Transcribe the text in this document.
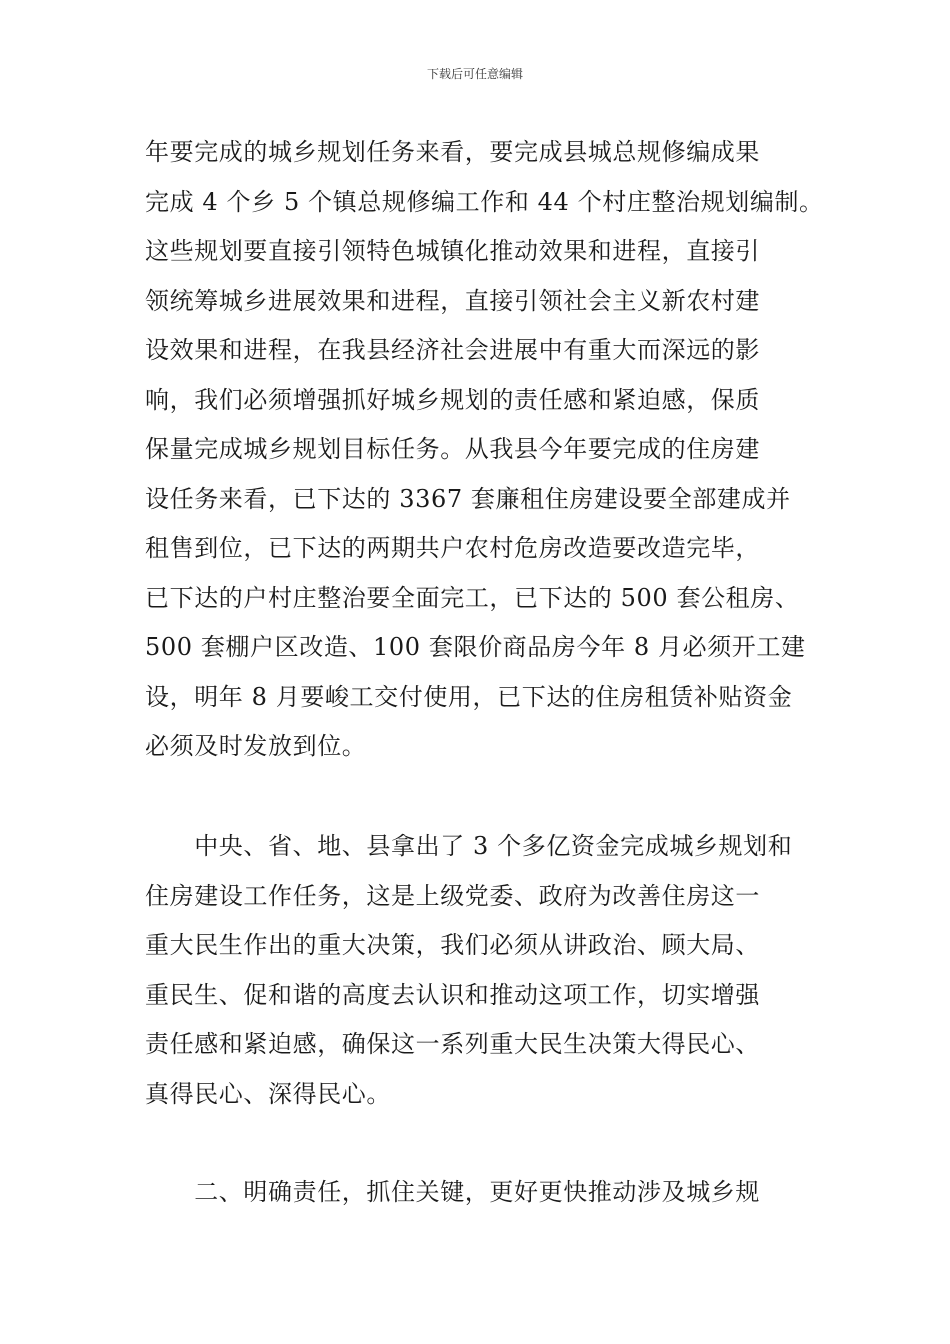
下载后可任意编辑
年要完成的城乡规划任务来看，要完成县城总规修编成果
完成 4 个乡 5 个镇总规修编工作和 44 个村庄整治规划编制。
这些规划要直接引领特色城镇化推动效果和进程，直接引
领统筹城乡进展效果和进程，直接引领社会主义新农村建
设效果和进程，在我县经济社会进展中有重大而深远的影
响，我们必须增强抓好城乡规划的责任感和紧迫感，保质
保量完成城乡规划目标任务。从我县今年要完成的住房建
设任务来看，已下达的 3367 套廉租住房建设要全部建成并
租售到位，已下达的两期共户农村危房改造要改造完毕，
已下达的户村庄整治要全面完工，已下达的 500 套公租房、
500 套棚户区改造、100 套限价商品房今年 8 月必须开工建
设，明年 8 月要峻工交付使用，已下达的住房租赁补贴资金
必须及时发放到位。
　　中央、省、地、县拿出了 3 个多亿资金完成城乡规划和
住房建设工作任务，这是上级党委、政府为改善住房这一
重大民生作出的重大决策，我们必须从讲政治、顾大局、
重民生、促和谐的高度去认识和推动这项工作，切实增强
责任感和紧迫感，确保这一系列重大民生决策大得民心、
真得民心、深得民心。
　　二、明确责任，抓住关键，更好更快推动涉及城乡规
